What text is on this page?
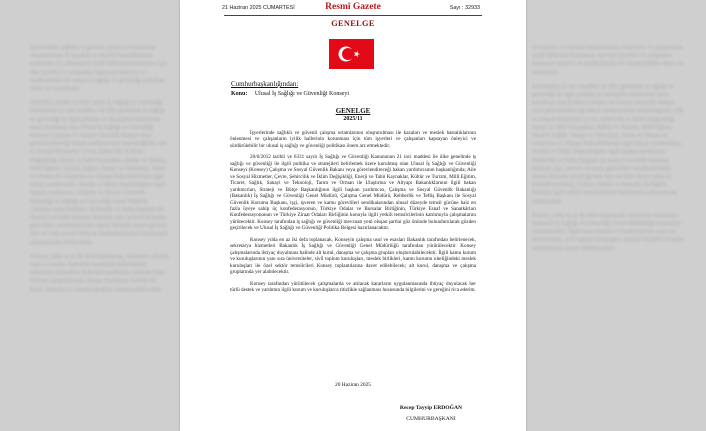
Işyerlerinde sağlıklı ve güvenli çalışma ortamlarının oluşturulması ile kazaları ve meslek hastalıklarının önlenmesi ve çalışanların iyilik hallerinin korunması için tüm işyerleri ve çalışanları kapsayan önleyici ve sürdürülebilir bir ulusal iş sağlığı ve güvenliği politikası önem arz etmektedir.

20/6/2012 tarihli ve 6331 sayılı İş Sağlığı ve Güvenliği Kanununun 21 inci maddesi ile ülke genelinde iş sağlığı ve güvenliği ile ilgili politika ve stratejileri belirlemek üzere kurulmuş olan Ulusal İş Sağlığı ve Güvenliği Konseyi Çalışma ve Sosyal Güvenlik Bakanı veya görevlendireceği bakan yardımcısının başkanlığında Aile ve Sosyal Hizmetler, Çevre, Şehircilik ve İklim Değişikliği, Enerji ve Tabii Kaynaklar, Kültür ve Turizm, Millî Eğitim, Ticaret, Sağlık, Sanayi ve Teknoloji, Tarım ve Orman ile Ulaştırma ve Altyapı Bakanlıklarının ilgili bakan yardımcıları, Strateji ve Bütçe Başkanlığının ilgili başkan yardımcısı, Çalışma ve Sosyal Güvenlik Bakanlığı İş Sağlığı ve Güvenliği Genel Müdürü, Çalışma Genel Müdürü, Rehberlik ve Teftiş Başkanı ile Sosyal Güvenlik Kurumu Başkanı, işçi, işveren ve kamu görevlileri sendikalarından ulusal düzeyde temsil gücüne haiz en fazla üyeye sahip üç konfederasyonun katılımıyla çalışmalarını yürütecektir.

Konsey yılda en az iki defa toplanacak, Konseyin çalışma usul ve esasları Bakanlık tarafından belirlenecek, sekretarya hizmetleri Bakanlık tarafından yürütülecektir. Konsey çalışmalarında ihtiyaç duyulması halinde alt kurul, danışma ve çalışma grupları oluşturulabilecektir.

ile kazaları ve meslek hastalıklarının önlenmesi ve çalışanların iyilik hallerinin korunması için tüm işyerleri ve çalışanları kapsayan önleyici ve sürdürülebilir bir ulusal politika önem arz etmektedir.

Kanununun 21 inci maddesi ile ülke genelinde iş sağlığı ve güvenliği ile ilgili politika ve stratejileri belirlemek üzere kurulmuş olan Konsey Çalışma ve Sosyal Güvenlik Bakanı veya görevlendireceği bakan yardımcısının başkanlığında; Aile ve Sosyal Hizmetler, Çevre, Şehircilik ve İklim Değişikliği, Enerji ve Tabii Kaynaklar, Kültür ve Turizm, Millî Eğitim, Ticaret, Sağlık, Sanayi ve Teknoloji, Tarım ve Orman ile Ulaştırma ve Altyapı Bakanlıklarının ilgili bakan yardımcıları, Strateji ve Bütçe Başkanlığının ilgili başkan yardımcısı, Rehberlik ve Teftiş Başkanı ile Sosyal Güvenlik Kurumu Başkanı, işçi, işveren ve kamu görevlileri sendikalarından ulusal düzeyde temsil gücüne haiz en fazla üyeye sahip üç konfederasyonun, Türkiye Odalar ve Borsalar Birliğinin konuyla ilgili yetkili temsilcilerinin katılımıyla çalışmalarını yürütecektir.

Konsey yılda en az iki defa toplanacak, sekretarya hizmetleri Bakanlık İş Sağlığı ve Güvenliği Genel Müdürlüğü tarafından yürütülecektir. İlgili kamu kurum ve kuruluşlarının yanı sıra üniversiteler, sivil toplum kuruluşları, meslek birlikleri Konsey toplantılarına davet edilebilecektir.

21 Haziran 2025 CUMARTESİ	Resmî Gazete	Sayı : 32933
GENELGE
Cumhurbaşkanlığından:
Konu: Ulusal İş Sağlığı ve Güvenliği Konseyi
GENELGE
2025/11

İşyerlerinde sağlıklı ve güvenli çalışma ortamlarının oluşturulması ile kazaları ve meslek hastalıklarının önlenmesi ve çalışanların iyilik hallerinin korunması için tüm işyerleri ve çalışanları kapsayan önleyici ve sürdürülebilir bir ulusal iş sağlığı ve güvenliği politikası önem arz etmektedir.

20/6/2012 tarihli ve 6331 sayılı İş Sağlığı ve Güvenliği Kanununun 21 inci maddesi ile ülke genelinde iş sağlığı ve güvenliği ile ilgili politika ve stratejileri belirlemek üzere kurulmuş olan Ulusal İş Sağlığı ve Güvenliği Konseyi (Konsey) Çalışma ve Sosyal Güvenlik Bakanı veya görevlendireceği bakan yardımcısının başkanlığında; Aile ve Sosyal Hizmetler, Çevre, Şehircilik ve İklim Değişikliği, Enerji ve Tabii Kaynaklar, Kültür ve Turizm, Millî Eğitim, Ticaret, Sağlık, Sanayi ve Teknoloji, Tarım ve Orman ile Ulaştırma ve Altyapı Bakanlıklarının ilgili bakan yardımcıları, Strateji ve Bütçe Başkanlığının ilgili başkan yardımcısı, Çalışma ve Sosyal Güvenlik Bakanlığı (Bakanlık) İş Sağlığı ve Güvenliği Genel Müdürü, Çalışma Genel Müdürü, Rehberlik ve Teftiş Başkanı ile Sosyal Güvenlik Kurumu Başkanı, işçi, işveren ve kamu görevlileri sendikalarından ulusal düzeyde temsil gücüne haiz en fazla üyeye sahip üç konfederasyonun, Türkiye Odalar ve Borsalar Birliğinin, Türkiye Esnaf ve Sanatkârları Konfederasyonunun ve Türkiye Ziraat Odaları Birliğinin konuyla ilgili yetkili temsilcilerinin katılımıyla çalışmalarını yürütecektir. Konsey tarafından iş sağlığı ve güvenliği mevzuatı yeni oluşan şartlar göz önünde bulundurularak gözden geçirilecek ve Ulusal İş Sağlığı ve Güvenliği Politika Belgesi hazırlanacaktır.

Konsey yılda en az iki defa toplanacak, Konseyin çalışma usul ve esasları Bakanlık tarafından belirlenecek, sekretarya hizmetleri Bakanlık İş Sağlığı ve Güvenliği Genel Müdürlüğü tarafından yürütülecektir. Konsey çalışmalarında ihtiyaç duyulması halinde alt kurul, danışma ve çalışma grupları oluşturulabilecektir. İlgili kamu kurum ve kuruluşlarının yanı sıra üniversiteler, sivil toplum kuruluşları, meslek birlikleri, kamu kurumu niteliğindeki meslek kuruluşları ile özel sektör temsilcileri Konsey toplantılarına davet edilebilecek; alt kurul, danışma ve çalışma gruplarında yer alabilecektir.

Konsey tarafından yürütülecek çalışmalarda ve atılacak kararların uygulanmasında ihtiyaç duyulacak her türlü destek ve yardımın ilgili kurum ve kuruluşlarca titizlikle sağlanması hususunda bilgilerini ve gereğini rica ederim.

20 Haziran 2025
Recep Tayyip ERDOĞAN
CUMHURBAŞKANI
